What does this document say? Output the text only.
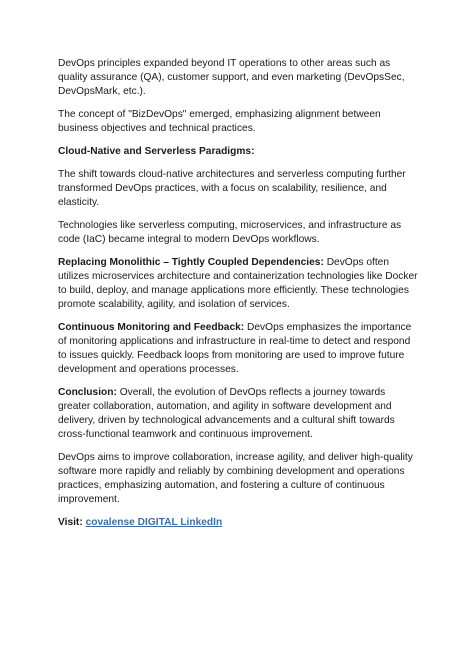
DevOps principles expanded beyond IT operations to other areas such as quality assurance (QA), customer support, and even marketing (DevOpsSec, DevOpsMark, etc.).

The concept of "BizDevOps" emerged, emphasizing alignment between business objectives and technical practices.

Cloud-Native and Serverless Paradigms:

The shift towards cloud-native architectures and serverless computing further transformed DevOps practices, with a focus on scalability, resilience, and elasticity.

Technologies like serverless computing, microservices, and infrastructure as code (IaC) became integral to modern DevOps workflows.

Replacing Monolithic – Tightly Coupled Dependencies: DevOps often utilizes microservices architecture and containerization technologies like Docker to build, deploy, and manage applications more efficiently. These technologies promote scalability, agility, and isolation of services.

Continuous Monitoring and Feedback: DevOps emphasizes the importance of monitoring applications and infrastructure in real-time to detect and respond to issues quickly. Feedback loops from monitoring are used to improve future development and operations processes.

Conclusion: Overall, the evolution of DevOps reflects a journey towards greater collaboration, automation, and agility in software development and delivery, driven by technological advancements and a cultural shift towards cross-functional teamwork and continuous improvement.

DevOps aims to improve collaboration, increase agility, and deliver high-quality software more rapidly and reliably by combining development and operations practices, emphasizing automation, and fostering a culture of continuous improvement.

Visit: covalense DIGITAL LinkedIn
